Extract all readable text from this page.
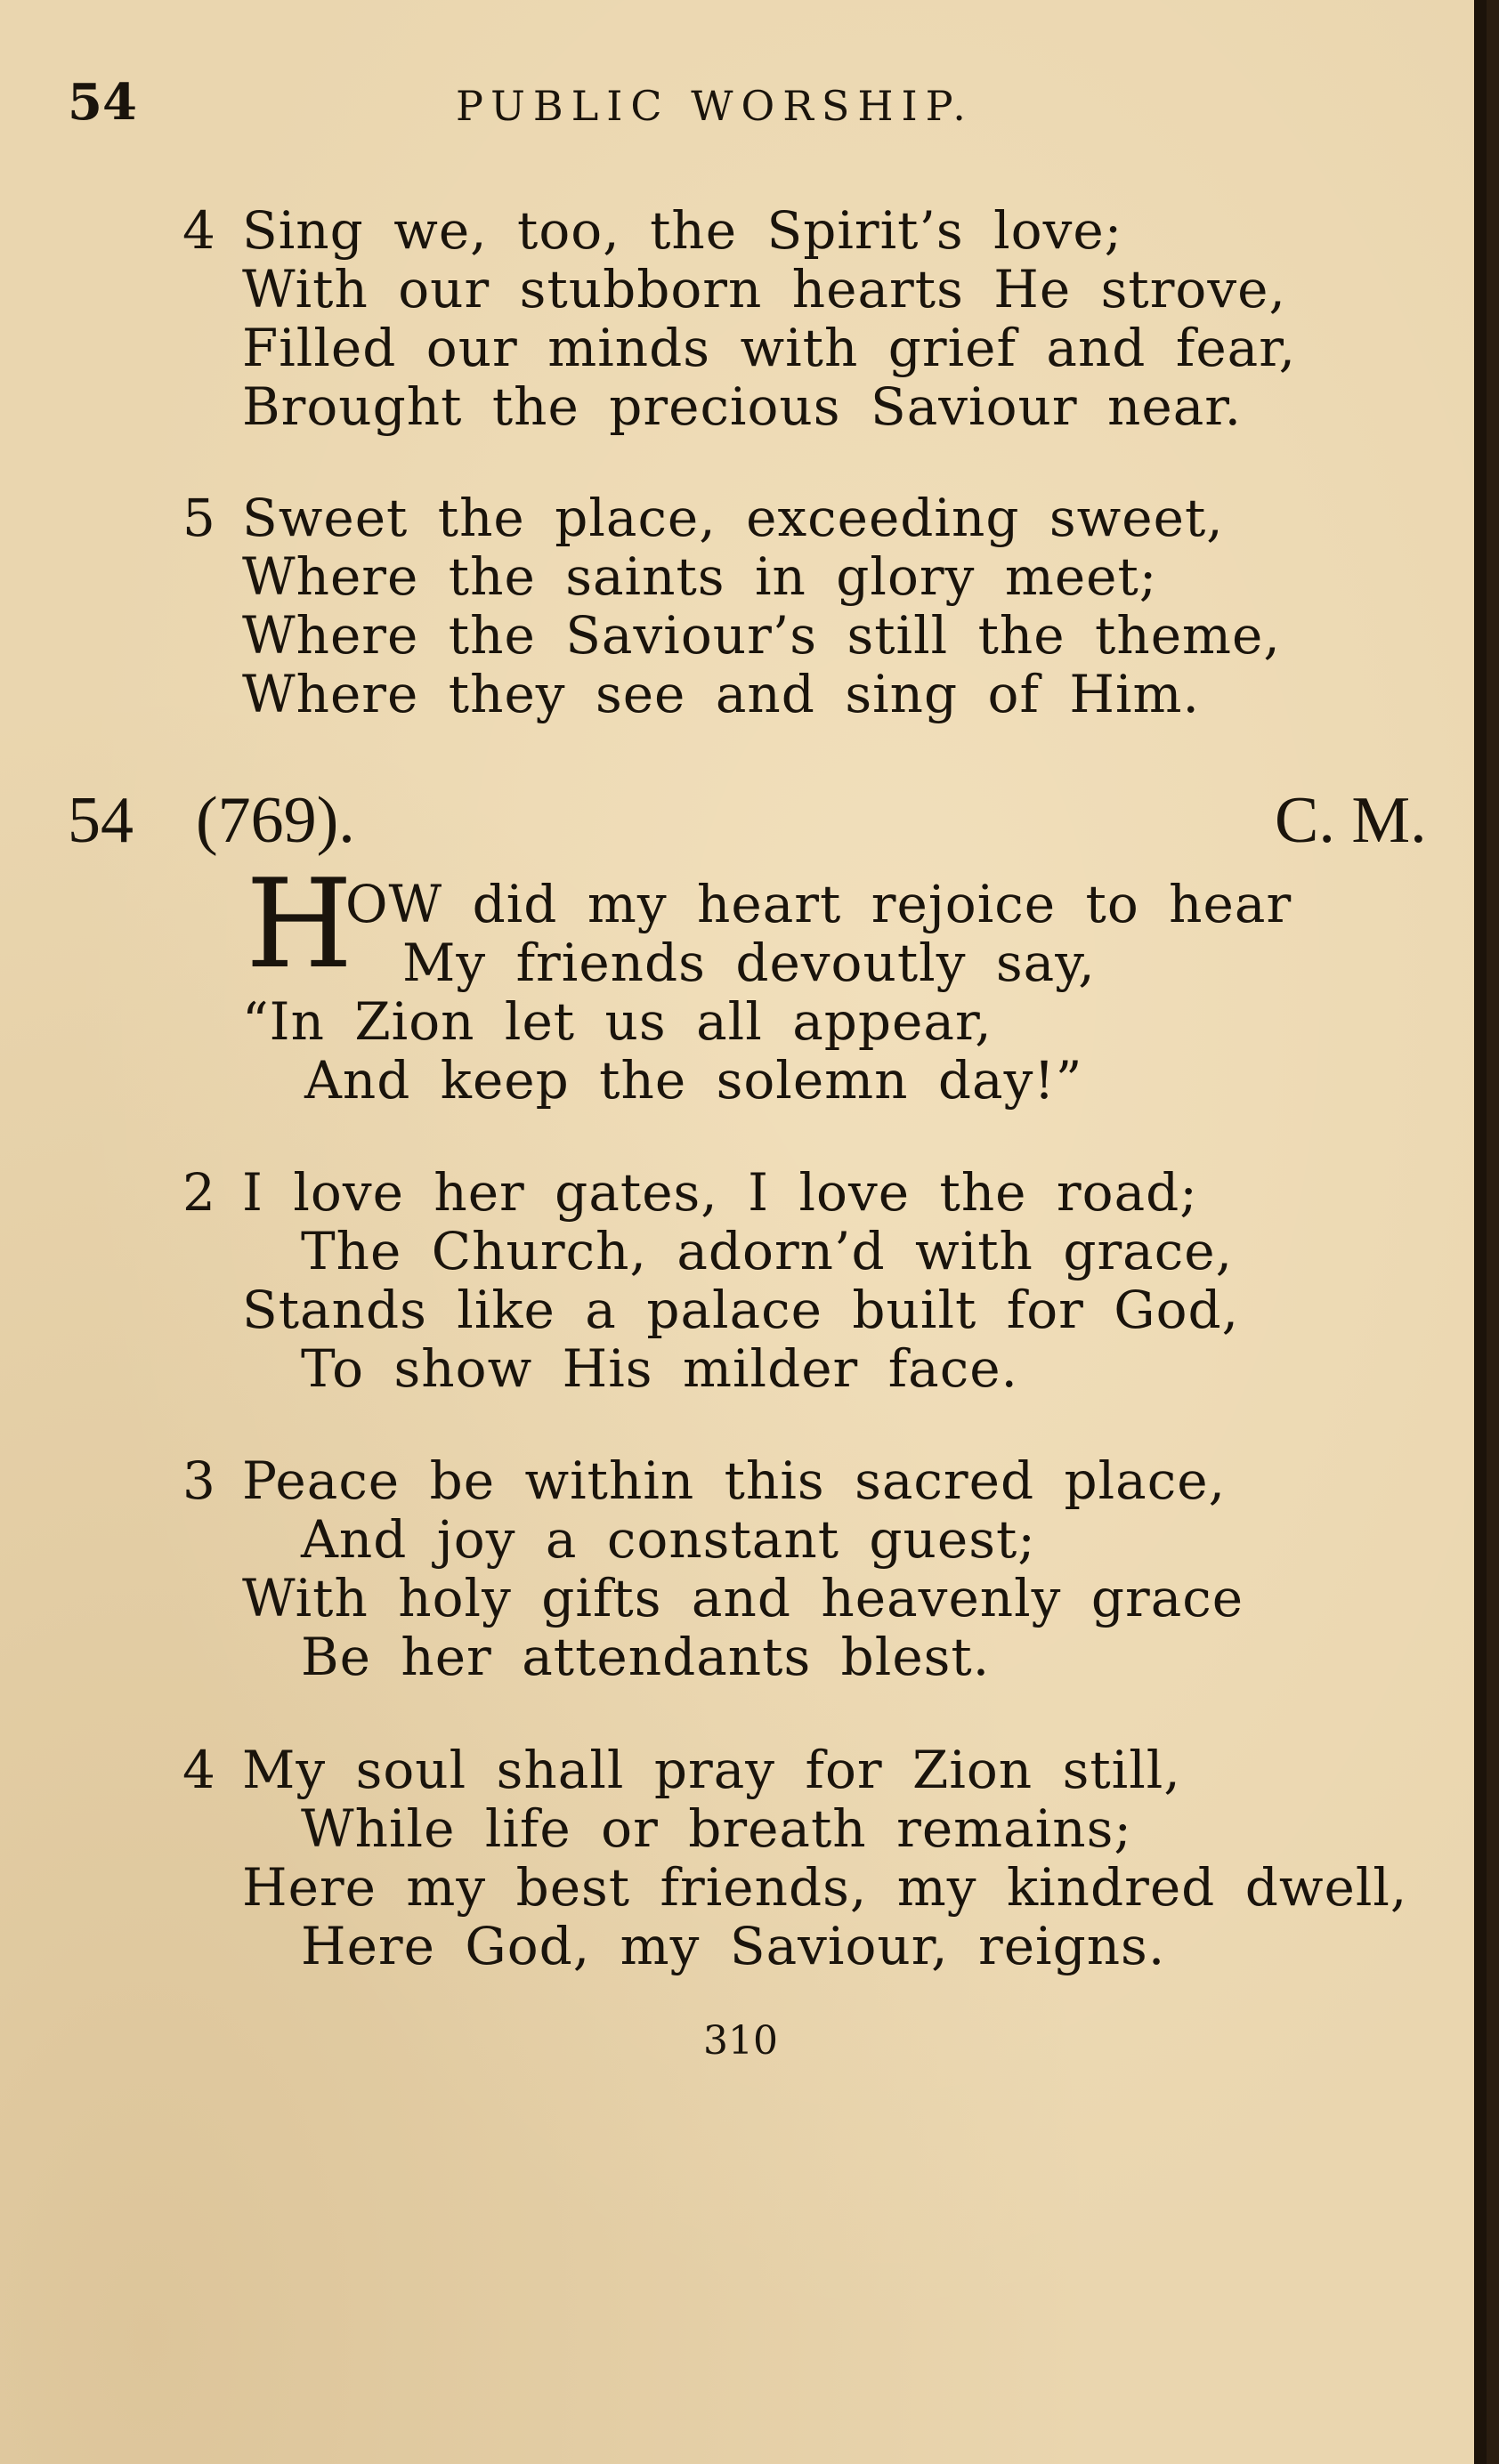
54	PUBLIC WORSHIP.
4 Sing we, too, the Spirit’s love;
With our stubborn hearts He strove,
Filled our minds with grief and fear,
Brought the precious Saviour near.
5 Sweet the place, exceeding sweet,
Where the saints in glory meet;
Where the Saviour’s still the theme,
Where they see and sing of Him.
54 (769).	C. M.
H
OW did my heart rejoice to hear
My friends devoutly say,
“In Zion let us all appear,
And keep the solemn day!”
2 I love her gates, I love the road;
The Church, adorn’d with grace,
Stands like a palace built for God,
To show His milder face.
3 Peace be within this sacred place,
And joy a constant guest;
With holy gifts and heavenly grace
Be her attendants blest.
4 My soul shall pray for Zion still,
While life or breath remains;
Here my best friends, my kindred dwell,
Here God, my Saviour, reigns.
310
